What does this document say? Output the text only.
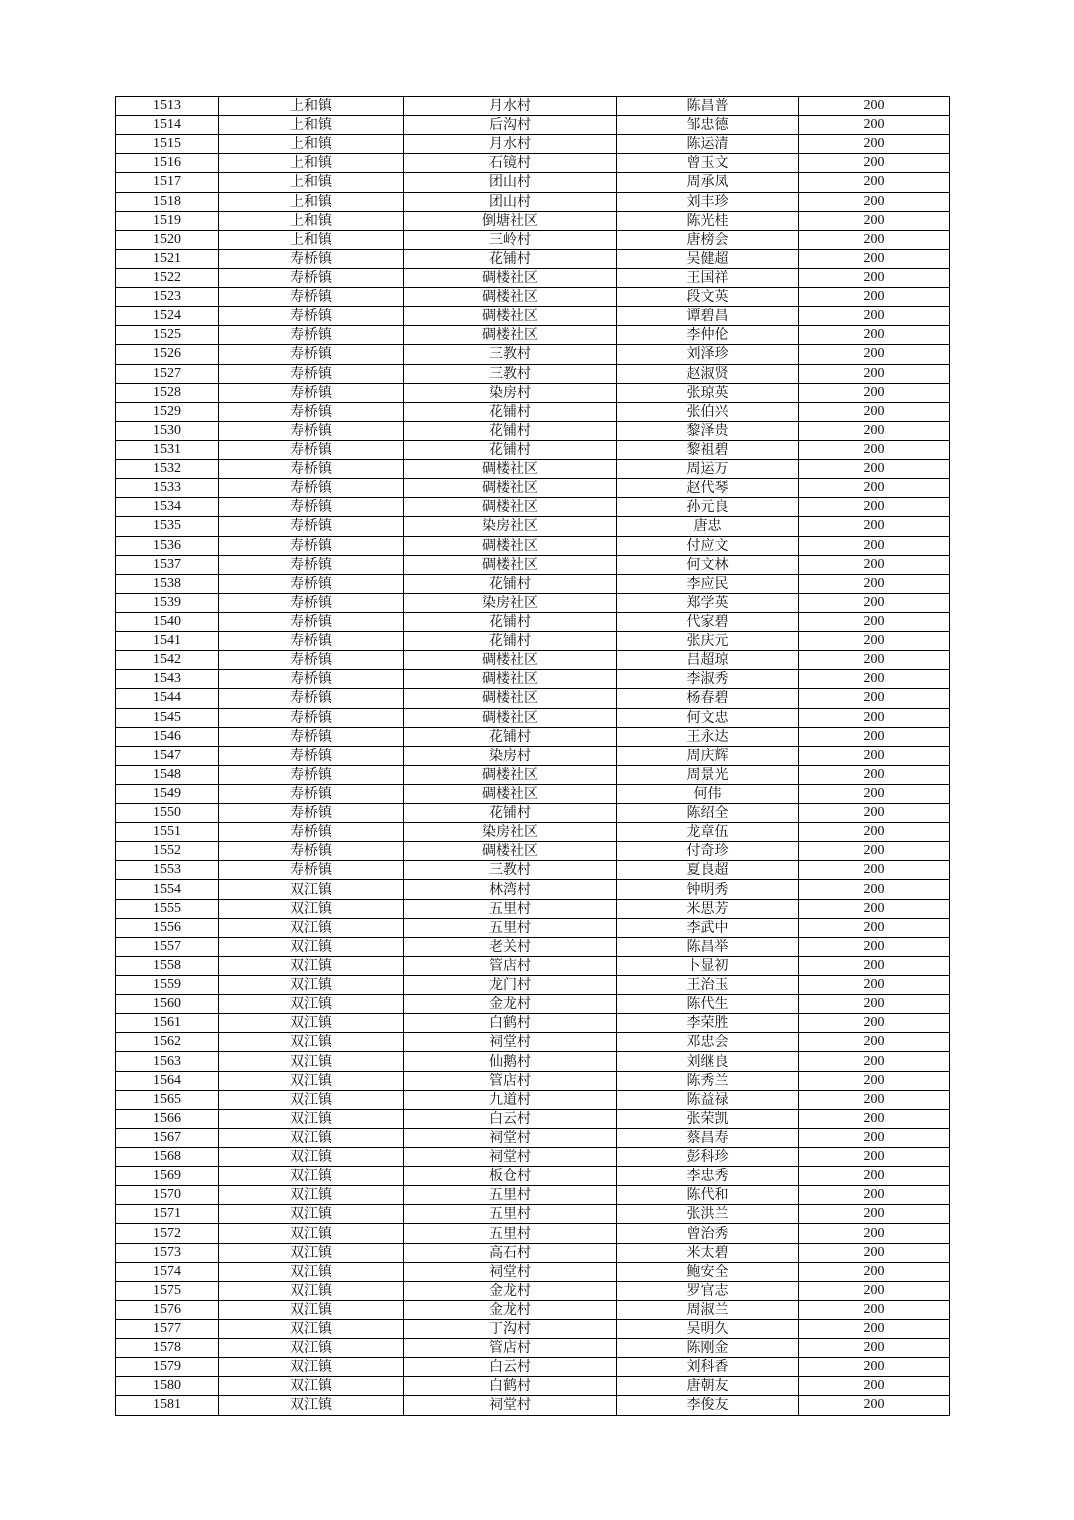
1513	上和镇	月水村	陈昌普	200
1514	上和镇	后沟村	邹忠德	200
1515	上和镇	月水村	陈运清	200
1516	上和镇	石镜村	曾玉文	200
1517	上和镇	团山村	周承凤	200
1518	上和镇	团山村	刘丰珍	200
1519	上和镇	倒塘社区	陈光桂	200
1520	上和镇	三岭村	唐榜会	200
1521	寿桥镇	花铺村	吴健超	200
1522	寿桥镇	碉楼社区	王国祥	200
1523	寿桥镇	碉楼社区	段文英	200
1524	寿桥镇	碉楼社区	谭碧昌	200
1525	寿桥镇	碉楼社区	李仲伦	200
1526	寿桥镇	三教村	刘泽珍	200
1527	寿桥镇	三教村	赵淑贤	200
1528	寿桥镇	染房村	张琼英	200
1529	寿桥镇	花铺村	张伯兴	200
1530	寿桥镇	花铺村	黎泽贵	200
1531	寿桥镇	花铺村	黎祖碧	200
1532	寿桥镇	碉楼社区	周运万	200
1533	寿桥镇	碉楼社区	赵代琴	200
1534	寿桥镇	碉楼社区	孙元良	200
1535	寿桥镇	染房社区	唐忠	200
1536	寿桥镇	碉楼社区	付应文	200
1537	寿桥镇	碉楼社区	何文林	200
1538	寿桥镇	花铺村	李应民	200
1539	寿桥镇	染房社区	郑学英	200
1540	寿桥镇	花铺村	代家碧	200
1541	寿桥镇	花铺村	张庆元	200
1542	寿桥镇	碉楼社区	吕超琼	200
1543	寿桥镇	碉楼社区	李淑秀	200
1544	寿桥镇	碉楼社区	杨春碧	200
1545	寿桥镇	碉楼社区	何文忠	200
1546	寿桥镇	花铺村	王永达	200
1547	寿桥镇	染房村	周庆辉	200
1548	寿桥镇	碉楼社区	周景光	200
1549	寿桥镇	碉楼社区	何伟	200
1550	寿桥镇	花铺村	陈绍全	200
1551	寿桥镇	染房社区	龙章伍	200
1552	寿桥镇	碉楼社区	付奇珍	200
1553	寿桥镇	三教村	夏良超	200
1554	双江镇	林湾村	钟明秀	200
1555	双江镇	五里村	米思芳	200
1556	双江镇	五里村	李武中	200
1557	双江镇	老关村	陈昌举	200
1558	双江镇	管店村	卜显初	200
1559	双江镇	龙门村	王治玉	200
1560	双江镇	金龙村	陈代生	200
1561	双江镇	白鹤村	李荣胜	200
1562	双江镇	祠堂村	邓忠会	200
1563	双江镇	仙鹅村	刘继良	200
1564	双江镇	管店村	陈秀兰	200
1565	双江镇	九道村	陈益禄	200
1566	双江镇	白云村	张荣凯	200
1567	双江镇	祠堂村	蔡昌寿	200
1568	双江镇	祠堂村	彭科珍	200
1569	双江镇	板仓村	李忠秀	200
1570	双江镇	五里村	陈代和	200
1571	双江镇	五里村	张洪兰	200
1572	双江镇	五里村	曾治秀	200
1573	双江镇	高石村	米太碧	200
1574	双江镇	祠堂村	鲍安全	200
1575	双江镇	金龙村	罗官志	200
1576	双江镇	金龙村	周淑兰	200
1577	双江镇	丁沟村	吴明久	200
1578	双江镇	管店村	陈刚金	200
1579	双江镇	白云村	刘科香	200
1580	双江镇	白鹤村	唐朝友	200
1581	双江镇	祠堂村	李俊友	200
